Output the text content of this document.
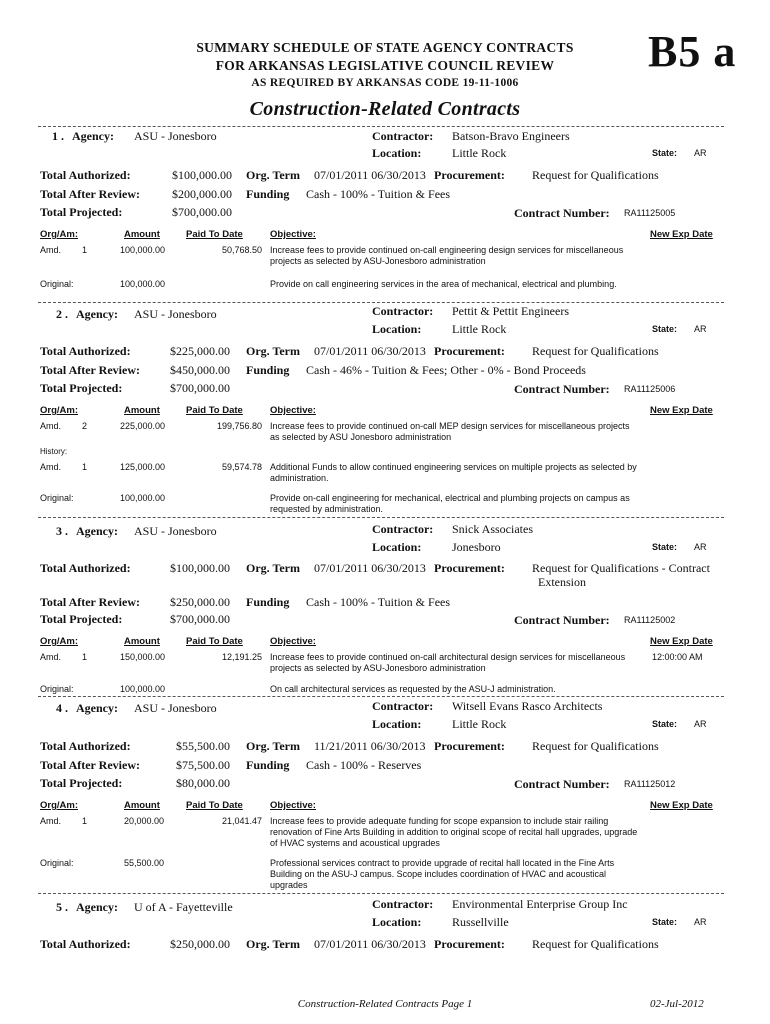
SUMMARY SCHEDULE OF STATE AGENCY CONTRACTS
FOR ARKANSAS LEGISLATIVE COUNCIL REVIEW
AS REQUIRED BY ARKANSAS CODE 19-11-1006
Construction-Related Contracts
B5 a
1 . Agency: ASU - Jonesboro	Contractor: Batson-Bravo Engineers
Location:	Little Rock	State: AR
Total Authorized:	$100,000.00 Org. Term 07/01/2011 06/30/2013 Procurement: Request for Qualifications
Total After Review:	$200,000.00 Funding Cash - 100% - Tuition & Fees
Total Projected:	$700,000.00	Contract Number: RA11125005
Org/Am:	Amount	Paid To Date	Objective:	New Exp Date
Amd. 1	100,000.00	50,768.50 Increase fees to provide continued on-call engineering design services for miscellaneous projects as selected by ASU-Jonesboro administration
Original:	100,000.00	Provide on call engineering services in the area of mechanical, electrical and plumbing.
2 . Agency: ASU - Jonesboro	Contractor: Pettit & Pettit Engineers
Location:	Little Rock	State: AR
Total Authorized:	$225,000.00 Org. Term 07/01/2011 06/30/2013 Procurement: Request for Qualifications
Total After Review:	$450,000.00 Funding Cash - 46% - Tuition & Fees; Other - 0% - Bond Proceeds
Total Projected:	$700,000.00	Contract Number: RA11125006
Org/Am:	Amount	Paid To Date	Objective:	New Exp Date
Amd. 2	225,000.00	199,756.80 Increase fees to provide continued on-call MEP design services for miscellaneous projects as selected by ASU Jonesboro administration
History:
Amd. 1	125,000.00	59,574.78 Additional Funds to allow continued engineering services on multiple projects as selected by administration.
Original:	100,000.00	Provide on-call engineering for mechanical, electrical and plumbing projects on campus as requested by administration.
3 . Agency: ASU - Jonesboro	Contractor: Snick Associates
Location:	Jonesboro	State: AR
Total Authorized:	$100,000.00 Org. Term 07/01/2011 06/30/2013 Procurement: Request for Qualifications - Contract
Extension
Total After Review:	$250,000.00 Funding Cash - 100% - Tuition & Fees
Total Projected:	$700,000.00	Contract Number: RA11125002
Org/Am:	Amount	Paid To Date	Objective:	New Exp Date
Amd. 1	150,000.00	12,191.25 Increase fees to provide continued on-call architectural design services for miscellaneous projects as selected by ASU-Jonesboro administration
12:00:00 AM
Original:	100,000.00	On call architectural services as requested by the ASU-J administration.
4 . Agency: ASU - Jonesboro	Contractor: Witsell Evans Rasco Architects
Location:	Little Rock	State: AR
Total Authorized:	$55,500.00 Org. Term 11/21/2011 06/30/2013 Procurement: Request for Qualifications
Total After Review:	$75,500.00 Funding Cash - 100% - Reserves
Total Projected:	$80,000.00	Contract Number: RA11125012
Org/Am:	Amount	Paid To Date	Objective:	New Exp Date
Amd. 1	20,000.00	21,041.47 Increase fees to provide adequate funding for scope expansion to include stair railing renovation of Fine Arts Building in addition to original scope of recital hall upgrades, upgrade of HVAC systems and acoustical upgrades
Original:	55,500.00	Professional services contract to provide upgrade of recital hall located in the Fine Arts Building on the ASU-J campus. Scope includes coordination of HVAC and acoustical upgrades
5 . Agency: U of A - Fayetteville	Contractor: Environmental Enterprise Group Inc
Location:	Russellville	State: AR
Total Authorized:	$250,000.00 Org. Term 07/01/2011 06/30/2013 Procurement: Request for Qualifications
Construction-Related Contracts Page 1	02-Jul-2012
